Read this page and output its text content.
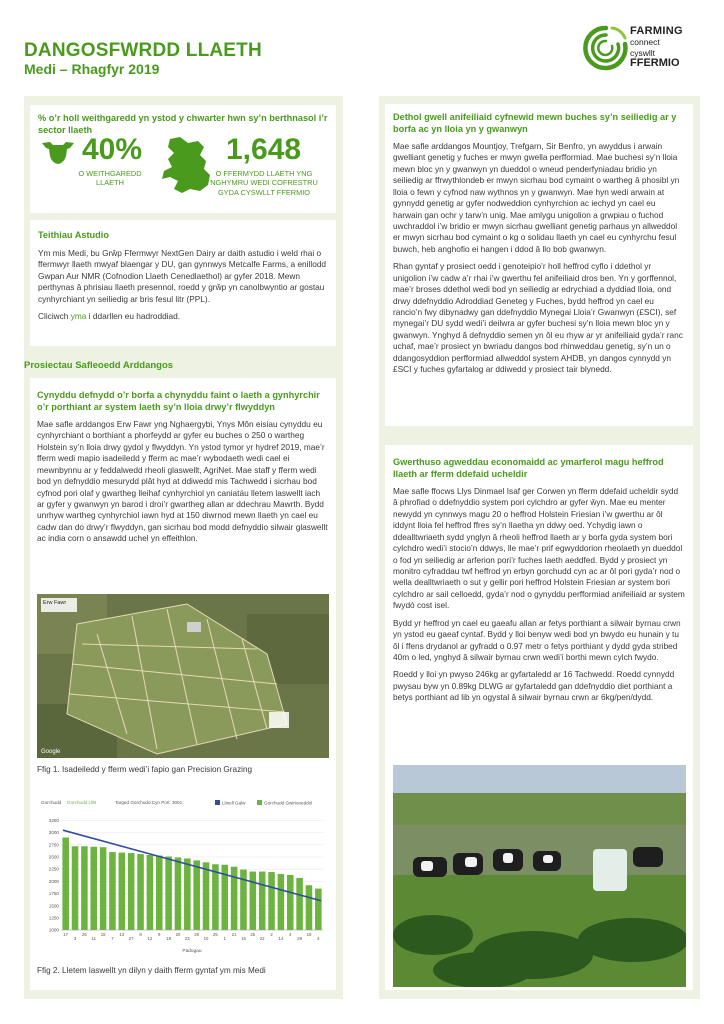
DANGOSFWRDD LLAETH
Medi – Rhagfyr 2019
FARMING
connect
cyswllt
FFERMIO
% o’r holl weithgaredd yn ystod y chwarter hwn sy’n berthnasol i’r sector llaeth
40%
O WEITHGAREDD LLAETH
1,648
O FFERMYDD LLAETH YNG NGHYMRU WEDI COFRESTRU GYDA CYSWLLT FFERMIO
Teithiau Astudio
Ym mis Medi, bu Grŵp Ffermwyr NextGen Dairy ar daith astudio i weld rhai o ffermwyr llaeth mwyaf blaengar y DU, gan gynnwys Metcalfe Farms, a enillodd Gwpan Aur NMR (Cofnodion Llaeth Cenedlaethol) ar gyfer 2018. Mewn perthynas â phrisiau llaeth presennol, roedd y grŵp yn canolbwyntio ar gostau cynhyrchiant yn seiliedig ar bris fesul litr (PPL).
Cliciwch yma i ddarllen eu hadroddiad.
Prosiectau Safleoedd Arddangos
Cynyddu defnydd o’r borfa a chynyddu faint o laeth a gynhyrchir o’r porthiant ar system laeth sy’n lloia drwy’r flwyddyn
Mae safle arddangos Erw Fawr yng Nghaergybi, Ynys Môn eisiau cynyddu eu cynhyrchiant o borthiant a phorfeydd ar gyfer eu buches o 250 o wartheg Holstein sy’n lloia drwy gydol y flwyddyn. Yn ystod tymor yr hydref 2019, mae’r fferm wedi mapio isadeiledd y fferm ac mae’r wybodaeth wedi cael ei mewnbynnu ar y feddalwedd rheoli glaswellt, AgriNet. Mae staff y fferm wedi bod yn defnyddio mesurydd plât hyd at ddiwedd mis Tachwedd i sicrhau bod cyfnod pori olaf y gwartheg lleihaf cynhyrchiol yn caniatáu lletem laswellt iach ar gyfer y gwanwyn yn barod i droi’r gwartheg allan ar ddechrau Mawrth. Bydd unrhyw wartheg cynhyrchiol iawn hyd at 150 diwrnod mewn llaeth yn cael eu cadw dan do drwy’r flwyddyn, gan sicrhau bod modd defnyddio silwair glaswellt ac india corn o ansawdd uchel yn effeithlon.
Erw Fawr
Google
Ffig 1. Isadeiledd y fferm wedi’i fapio gan Precision Grazing
Gorchudd Gorchudd Ll/B	Targed Gorchudd Cyn Pori: 3001	Llinell Galw	Gorchudd Gwirioneddol
1000
1250
1500
1750
2000
2250
2500
2750
3000
3250
17
3
26
11
15
7
13
27
8
12
9
18
20
23
28
10
25
1
21
16
25
22
2
14
4
29
19
4
Padogau
Ffig 2. Lletem laswellt yn dilyn y daith fferm gyntaf ym mis Medi
Dethol gwell anifeiliaid cyfnewid mewn buches sy’n seiliedig ar y borfa ac yn lloia yn y gwanwyn
Mae safle arddangos Mountjoy, Trefgarn, Sir Benfro, yn awyddus i arwain gwelliant genetig y fuches er mwyn gwella perfformiad. Mae buchesi sy’n lloia mewn bloc yn y gwanwyn yn dueddol o wneud penderfyniadau bridio yn seiliedig ar ffrwythlondeb er mwyn sicrhau bod cymaint o wartheg â phosibl yn lloia o fewn y cyfnod naw wythnos yn y gwanwyn. Mae hyn wedi arwain at gynnydd genetig ar gyfer nodweddion cynhyrchion ac iechyd yn cael eu harwain gan ochr y tarw’n unig. Mae amlygu unigolion a grwpiau o fuchod uwchraddol i’w bridio er mwyn sicrhau gwelliant genetig parhaus yn allweddol er mwyn sicrhau bod cymaint o kg o solidau llaeth yn cael eu cynhyrchu fesul buwch, heb anghofio ei hangen i ddod â llo bob gwanwyn.
Rhan gyntaf y prosiect oedd i genoteipio’r holl heffrod cyflo i ddethol yr unigolion i’w cadw a’r rhai i’w gwerthu fel anifeiliaid dros ben. Yn y gorffennol, mae’r broses ddethol wedi bod yn seiliedig ar edrychiad a dyddiad lloia, ond drwy ddefnyddio Adroddiad Geneteg y Fuches, bydd heffrod yn cael eu rancio’n fwy dibynadwy gan ddefnyddio Mynegai Lloia’r Gwanwyn (£SCI), sef mynegai’r DU sydd wedi’i deilwra ar gyfer buchesi sy’n lloia mewn bloc yn y gwanwyn. Ynghyd â defnyddio semen yn ôl eu rhyw ar yr anifeiliaid gyda’r ranc uchaf, mae’r prosiect yn bwriadu dangos bod rhinweddau genetig, sy’n un o ddangosyddion perfformiad allweddol system AHDB, yn dangos cynnydd yn £SCI y fuches gyfartalog ar ddiwedd y prosiect tair blynedd.
Gwerthuso agweddau economaidd ac ymarferol magu heffrod llaeth ar fferm ddefaid ucheldir
Mae safle ffocws Llys Dinmael Isaf ger Corwen yn fferm ddefaid ucheldir sydd â phrofiad o ddefnyddio system pori cylchdro ar gyfer ŵyn. Mae eu menter newydd yn cynnwys magu 20 o heffrod Holstein Friesian i’w gwerthu ar ôl iddynt lloia fel heffrod ffres sy’n llaetha yn ddwy oed. Ychydig iawn o ddealltwriaeth sydd ynglyn â rheoli heffrod llaeth ar y borfa gyda system bori cylchdro wedi’i stocio’n ddwys, lle mae’r prif egwyddorion rheolaeth yn dueddol o fod yn seiliedig ar arferion pori’r fuches laeth aeddfed. Bydd y prosiect yn monitro cyfraddau twf heffrod yn erbyn gorchudd cyn ac ar ôl pori gyda’r nod o wella dealltwriaeth o sut y gellir pori heffrod Holstein Friesian ar system bori cylchdro ar sail celloedd, gyda’r nod o gynyddu perfformiad anifeiliaid ar system fwydó cost isel.
Bydd yr heffrod yn cael eu gaeafu allan ar fetys porthiant a silwair byrnau crwn yn ystod eu gaeaf cyntaf. Bydd y lloi benyw wedi bod yn bwydo eu hunain y tu ôl i ffens drydanol ar gyfradd o 0.97 metr o fetys porthiant y dydd gyda stribed 40m o led, ynghyd â silwair byrnau crwn wedi’i borthi mewn cylch fwydo.
Roedd y lloi yn pwyso 246kg ar gyfartaledd ar 16 Tachwedd. Roedd cynnydd pwysau byw yn 0.89kg DLWG ar gyfartaledd gan ddefnyddio diet porthiant a betys porthiant ad lib yn ogystal â silwair byrnau crwn ar 6kg/pen/dydd.
